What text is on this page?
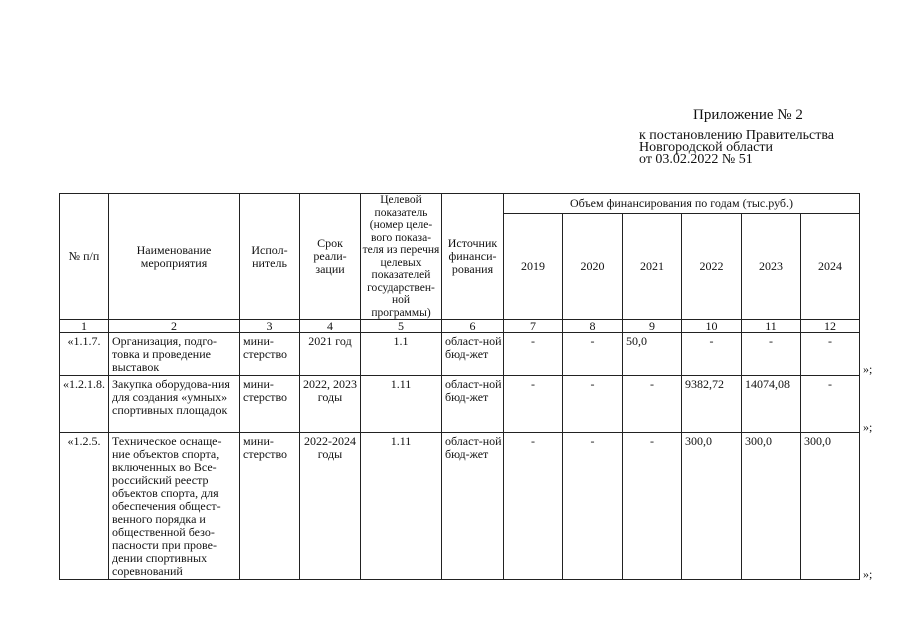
Приложение № 2
к постановлению Правительства
Новгородской области
от 03.02.2022 № 51
№ п/п	Наименование мероприятия	Испол-нитель	Срок реали-зации	Целевой показатель (номер целе-вого показа-теля из перечня целевых показателей государствен-ной программы)	Источник финанси-рования	Объем финансирования по годам (тыс.руб.)					
						2019	2020	2021	2022	2023	2024
1	2	3	4	5	6	7	8	9	10	11	12
«1.1.7.	Организация, подго-товка и проведение выставок	мини-стерство	2021 год	1.1	област-ной бюд-жет	-	-	50,0	-	-	-
«1.2.1.8.	Закупка оборудова-ния для создания «умных» спортивных площадок	мини-стерство	2022, 2023 годы	1.11	област-ной бюд-жет	-	-	-	9382,72	14074,08	-
«1.2.5.	Техническое оснаще-ние объектов спорта, включенных во Все-российский реестр объектов спорта, для обеспечения общест-венного порядка и общественной безо-пасности при прове-дении спортивных соревнований	мини-стерство	2022-2024 годы	1.11	област-ной бюд-жет	-	-	-	300,0	300,0	300,0
»;
»;
»;
